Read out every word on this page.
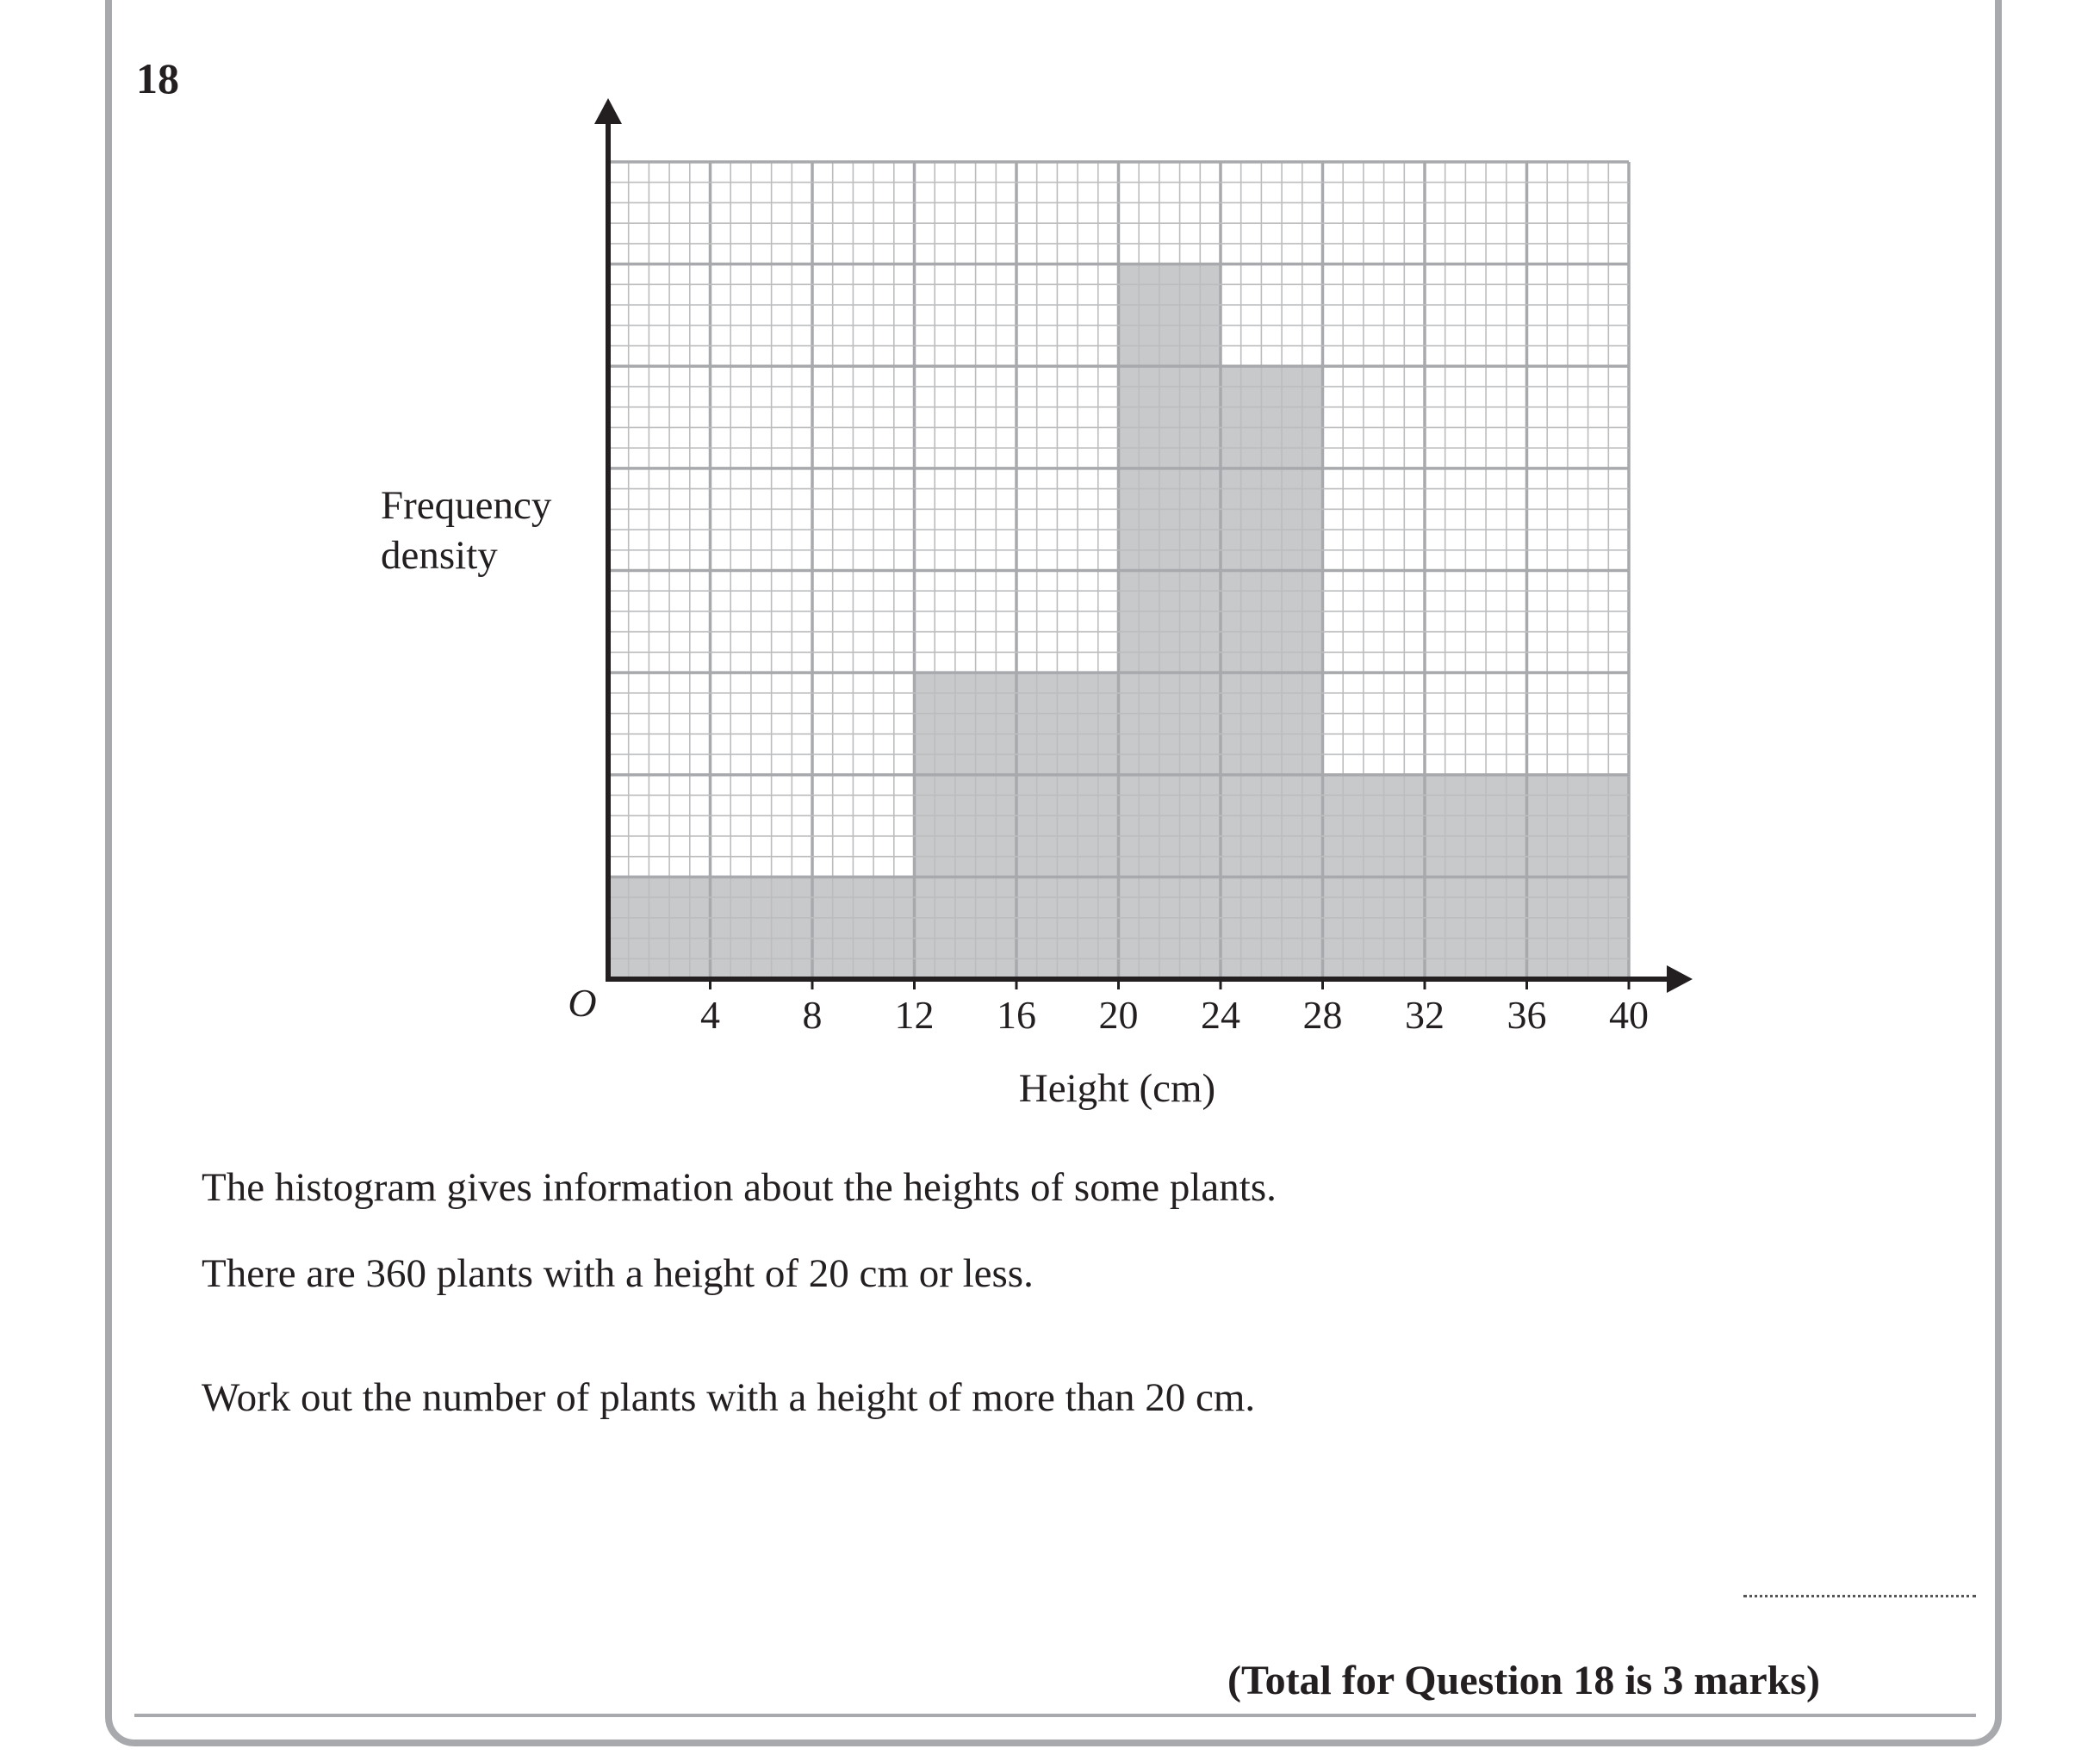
18
4 8 12 16 20 24 28 32 36 40
O
Height (cm)
Frequency
density
The histogram gives information about the heights of some plants.
There are 360 plants with a height of 20 cm or less.
Work out the number of plants with a height of more than 20 cm.
(Total for Question 18 is 3 marks)
